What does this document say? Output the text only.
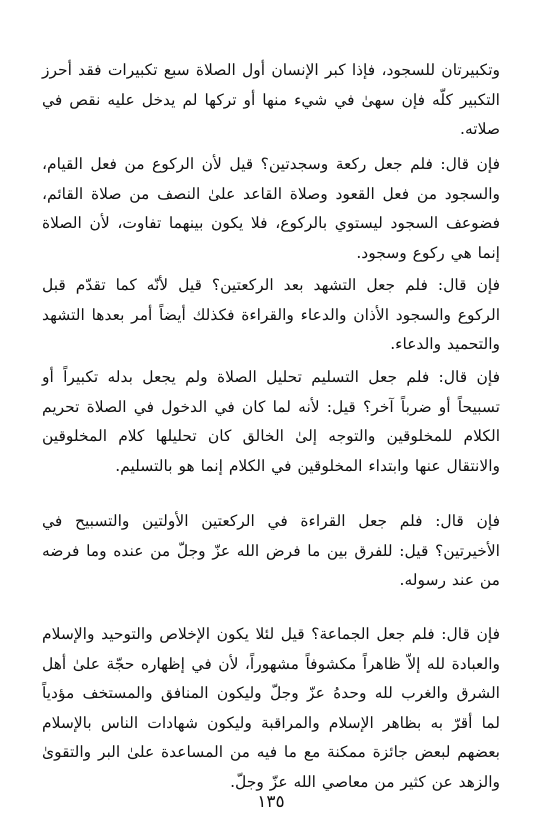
وتكبيرتان للسجود، فإذا كبر الإنسان أول الصلاة سبع تكبيرات فقد أحرز التكبير كلّه فإن سهىٰ في شيء منها أو تركها لم يدخل عليه نقص في صلاته.

فإن قال: فلم جعل ركعة وسجدتين؟ قيل لأن الركوع من فعل القيام، والسجود من فعل القعود وصلاة القاعد علىٰ النصف من صلاة القائم، فضوعف السجود ليستوي بالركوع، فلا يكون بينهما تفاوت، لأن الصلاة إنما هي ركوع وسجود.

فإن قال: فلم جعل التشهد بعد الركعتين؟ قيل لأنّه كما تقدّم قبل الركوع والسجود الأذان والدعاء والقراءة فكذلك أيضاً أمر بعدها التشهد والتحميد والدعاء.

فإن قال: فلم جعل التسليم تحليل الصلاة ولم يجعل بدله تكبيراً أو تسبيحاً أو ضرباً آخر؟ قيل: لأنه لما كان في الدخول في الصلاة تحريم الكلام للمخلوقين والتوجه إلىٰ الخالق كان تحليلها كلام المخلوقين والانتقال عنها وابتداء المخلوقين في الكلام إنما هو بالتسليم.

فإن قال: فلم جعل القراءة في الركعتين الأولتين والتسبيح في الأخيرتين؟ قيل: للفرق بين ما فرض الله عزّ وجلّ من عنده وما فرضه من عند رسوله.

فإن قال: فلم جعل الجماعة؟ قيل لئلا يكون الإخلاص والتوحيد والإسلام والعبادة لله إلاّ ظاهراً مكشوفاً مشهوراً، لأن في إظهاره حجّة علىٰ أهل الشرق والغرب لله وحدهُ عزّ وجلّ وليكون المنافق والمستخف مؤدياً لما أقرّ به بظاهر الإسلام والمراقبة وليكون شهادات الناس بالإسلام بعضهم لبعض جائزة ممكنة مع ما فيه من المساعدة علىٰ البر والتقوىٰ والزهد عن كثير من معاصي الله عزّ وجلّ.

١٣٥
